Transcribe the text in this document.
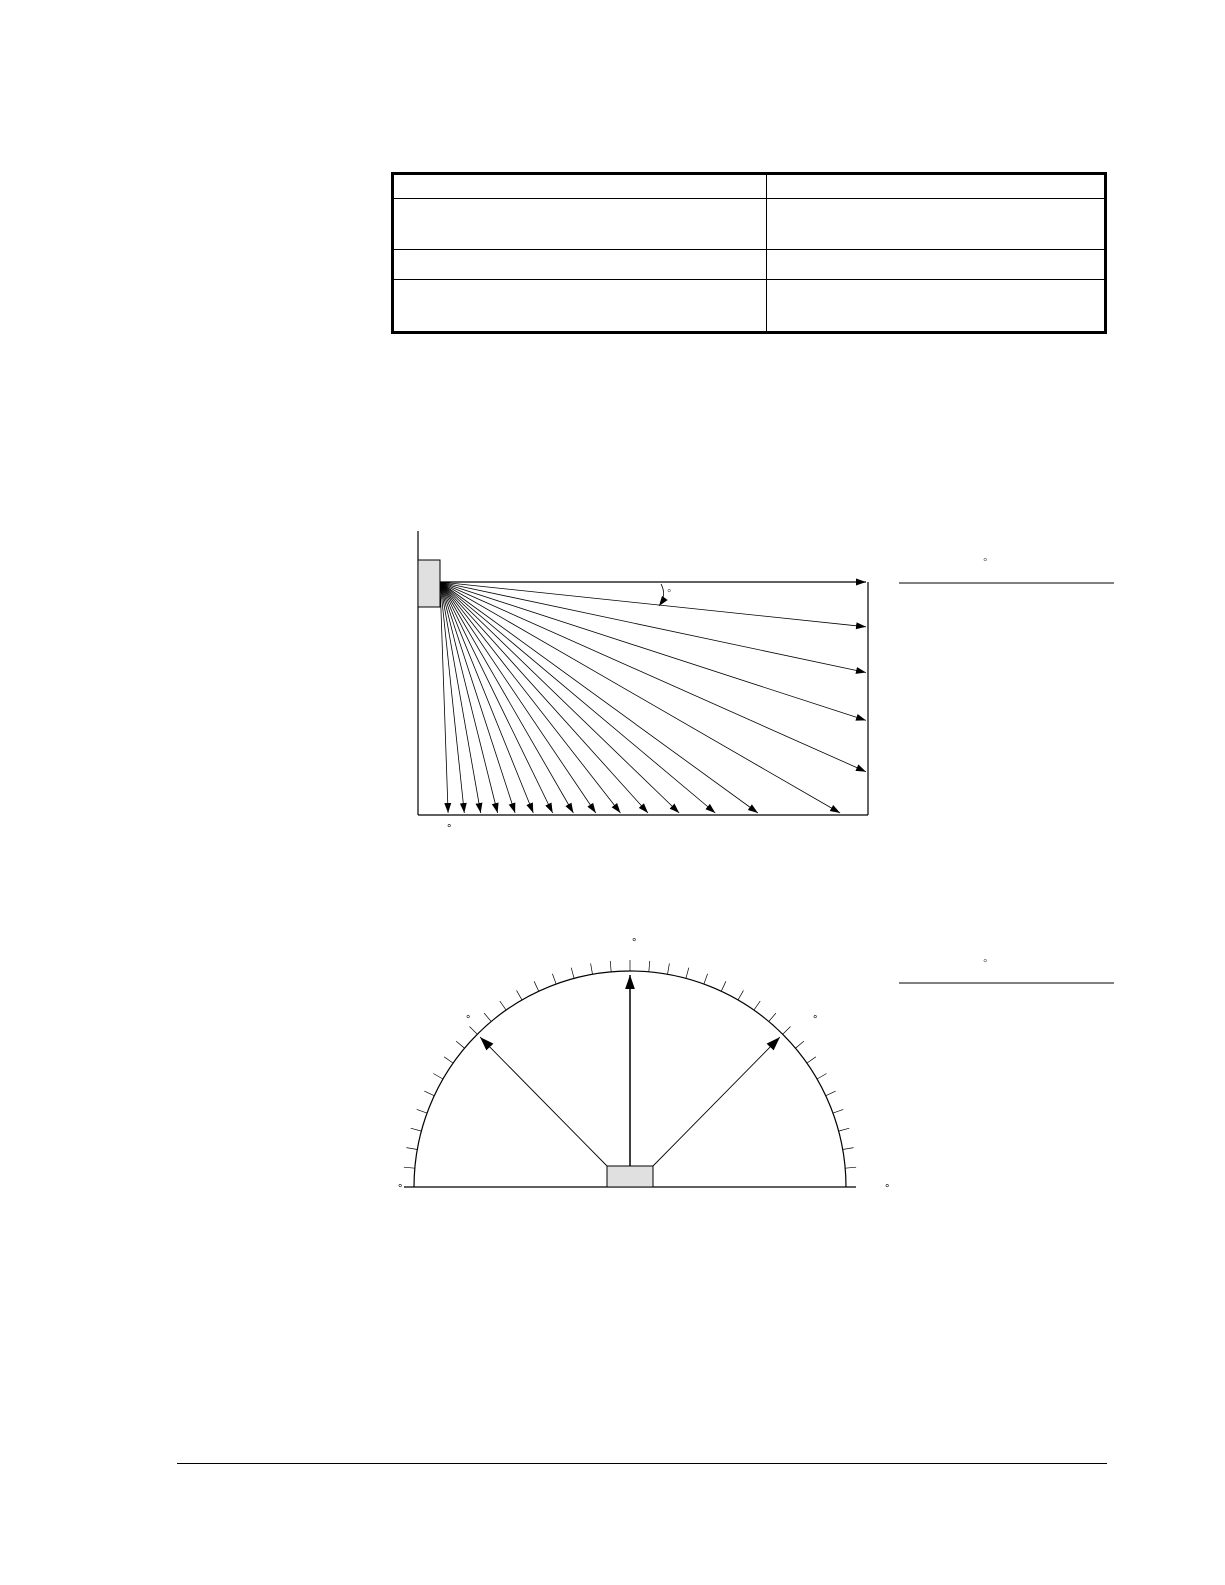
°
°
°
°
°	°
°	°
°
